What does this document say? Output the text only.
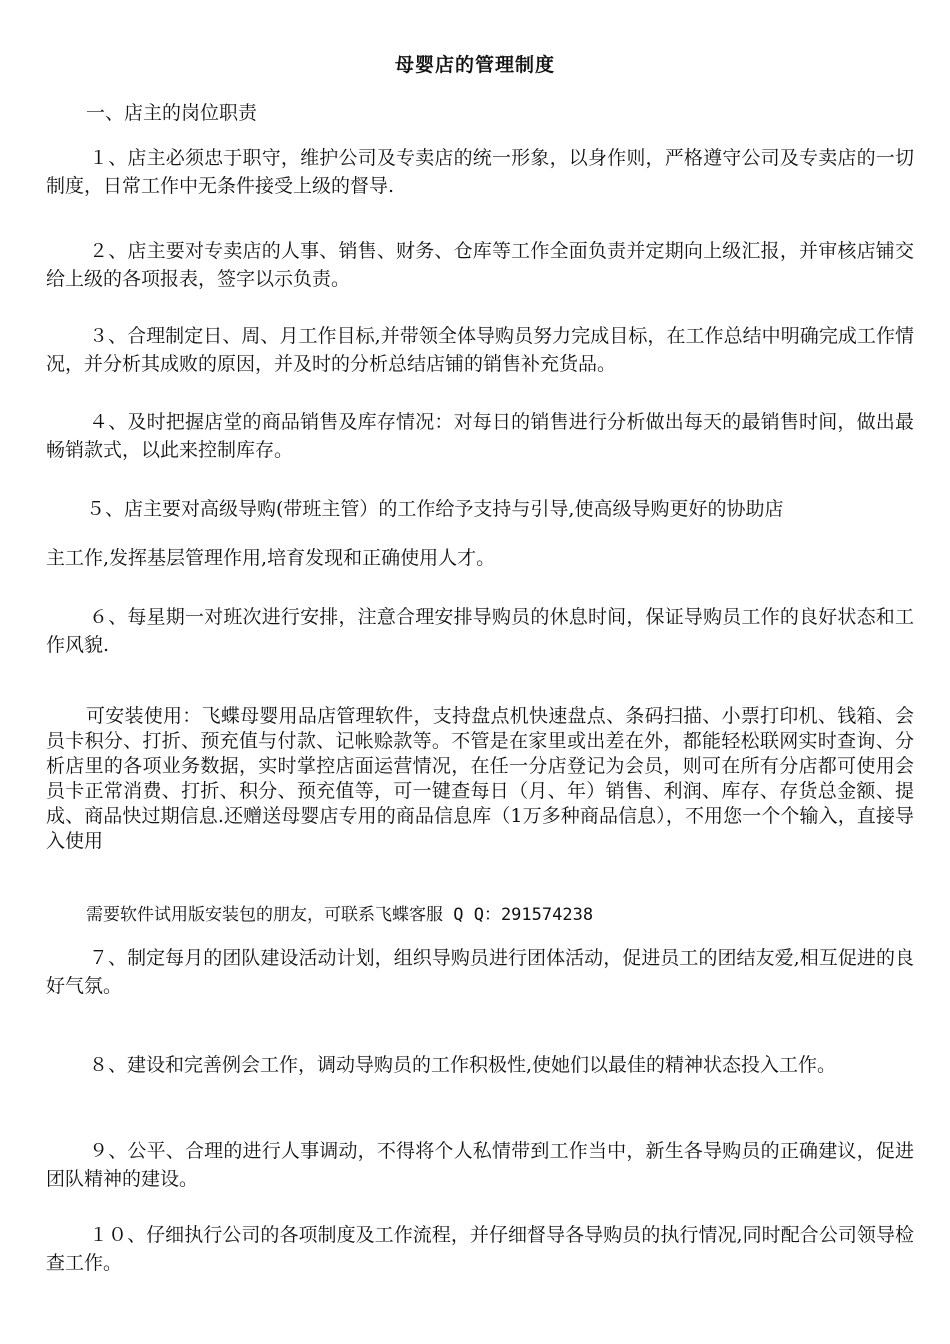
母婴店的管理制度
一、店主的岗位职责

１、店主必须忠于职守，维护公司及专卖店的统一形象，以身作则，严格遵守公司及专卖店的一切制度，日常工作中无条件接受上级的督导.

２、店主要对专卖店的人事、销售、财务、仓库等工作全面负责并定期向上级汇报，并审核店铺交给上级的各项报表，签字以示负责。

３、合理制定日、周、月工作目标,并带领全体导购员努力完成目标，在工作总结中明确完成工作情况，并分析其成败的原因，并及时的分析总结店铺的销售补充货品。

４、及时把握店堂的商品销售及库存情况：对每日的销售进行分析做出每天的最销售时间，做出最畅销款式，以此来控制库存。

５、店主要对高级导购(带班主管）的工作给予支持与引导,使高级导购更好的协助店
主工作,发挥基层管理作用,培育发现和正确使用人才。

６、每星期一对班次进行安排，注意合理安排导购员的休息时间，保证导购员工作的良好状态和工作风貌.

可安装使用：飞蝶母婴用品店管理软件，支持盘点机快速盘点、条码扫描、小票打印机、钱箱、会员卡积分、打折、预充值与付款、记帐赊款等。不管是在家里或出差在外，都能轻松联网实时查询、分析店里的各项业务数据，实时掌控店面运营情况，在任一分店登记为会员，则可在所有分店都可使用会员卡正常消费、打折、积分、预充值等，可一键查每日（月、年）销售、利润、库存、存货总金额、提成、商品快过期信息.还赠送母婴店专用的商品信息库（1万多种商品信息），不用您一个个输入，直接导入使用

需要软件试用版安装包的朋友，可联系飞蝶客服 Q Q：291574238

７、制定每月的团队建设活动计划，组织导购员进行团体活动，促进员工的团结友爱,相互促进的良好气氛。

８、建设和完善例会工作，调动导购员的工作积极性,使她们以最佳的精神状态投入工作。

９、公平、合理的进行人事调动，不得将个人私情带到工作当中，新生各导购员的正确建议，促进团队精神的建设。

１０、仔细执行公司的各项制度及工作流程，并仔细督导各导购员的执行情况,同时配合公司领导检查工作。
